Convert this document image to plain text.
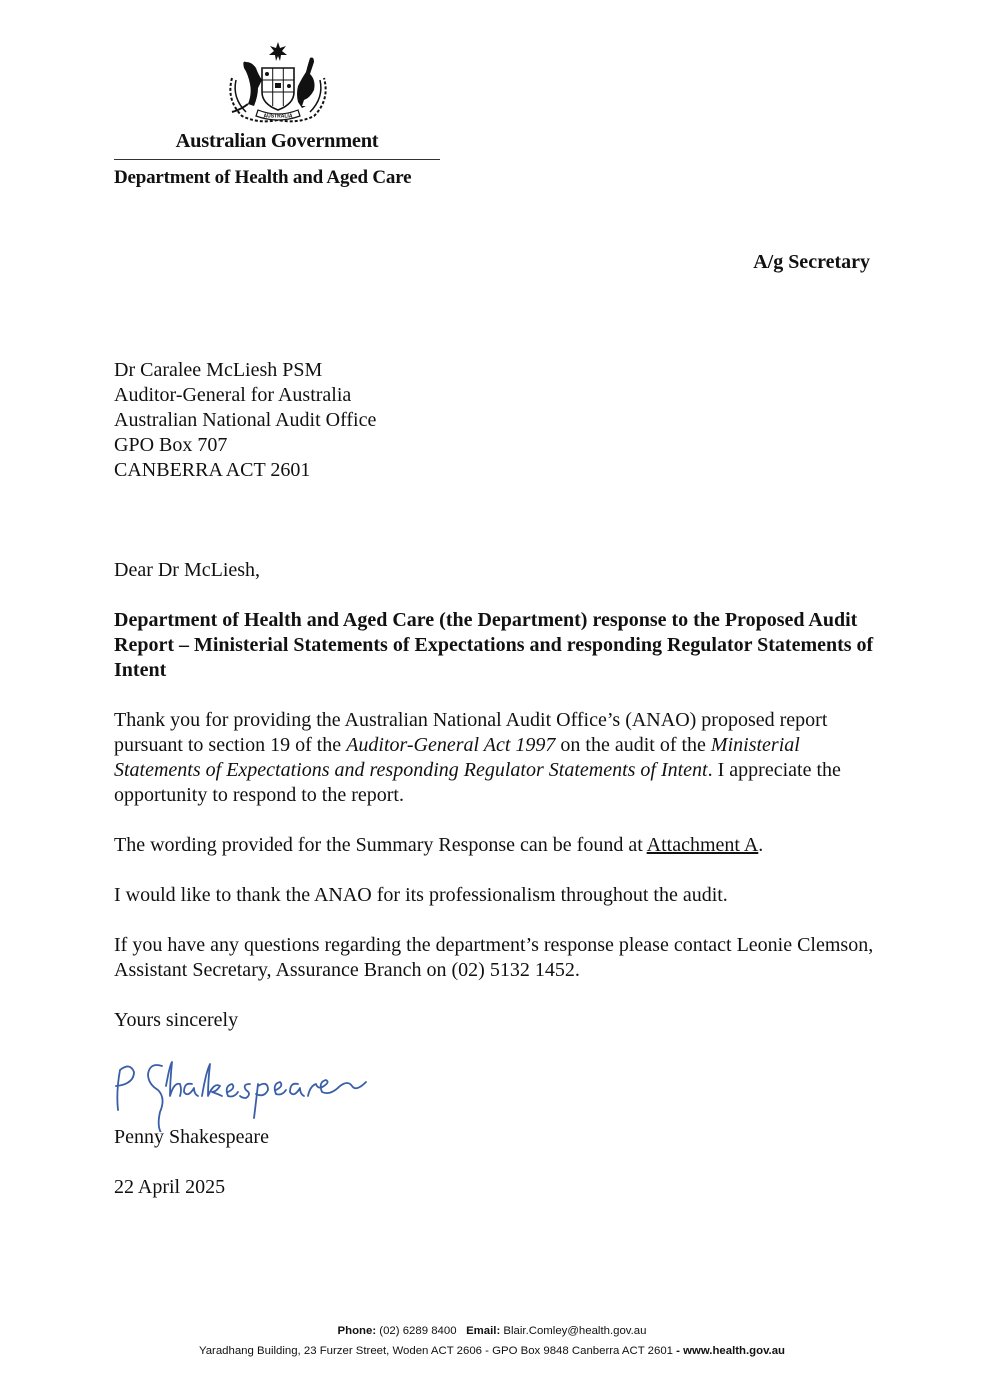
AUSTRALIA
Australian Government
Department of Health and Aged Care
A/g Secretary
Dr Caralee McLiesh PSM
Auditor-General for Australia
Australian National Audit Office
GPO Box 707
CANBERRA ACT 2601

Dear Dr McLiesh,

Department of Health and Aged Care (the Department) response to the Proposed Audit Report – Ministerial Statements of Expectations and responding Regulator Statements of Intent

Thank you for providing the Australian National Audit Office’s (ANAO) proposed report pursuant to section 19 of the Auditor-General Act 1997 on the audit of the Ministerial Statements of Expectations and responding Regulator Statements of Intent. I appreciate the opportunity to respond to the report.

The wording provided for the Summary Response can be found at Attachment A.

I would like to thank the ANAO for its professionalism throughout the audit.

If you have any questions regarding the department’s response please contact Leonie Clemson, Assistant Secretary, Assurance Branch on (02) 5132 1452.

Yours sincerely

Penny Shakespeare
22 April 2025
Phone: (02) 6289 8400 Email: Blair.Comley@health.gov.au
Yaradhang Building, 23 Furzer Street, Woden ACT 2606 - GPO Box 9848 Canberra ACT 2601 - www.health.gov.au
